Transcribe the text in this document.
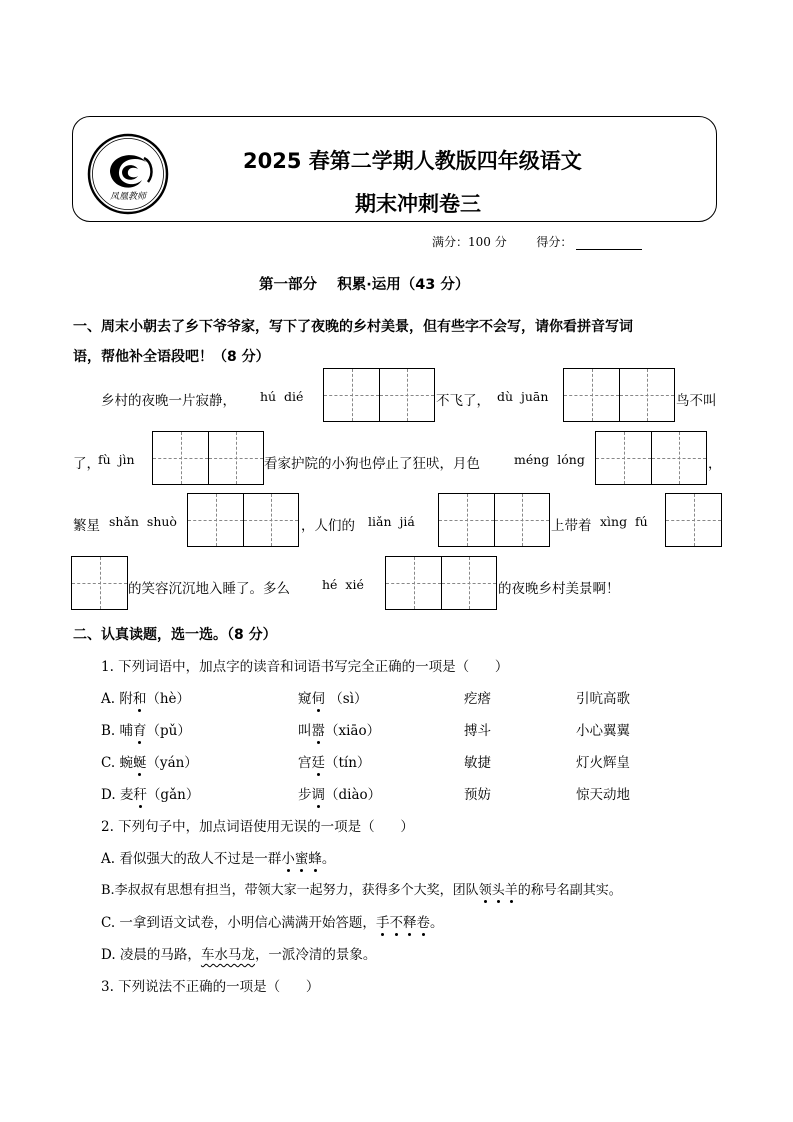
凤凰教师
2025 春第二学期人教版四年级语文
期末冲刺卷三
满分：100 分 得分：
第一部分    积累·运用（43 分）
一、周末小朝去了乡下爷爷家，写下了夜晚的乡村美景，但有些字不会写，请你看拼音写词
语，帮他补全语段吧！（8 分）
乡村的夜晚一片寂静， hú  dié	不飞了， dù  juān	鸟不叫
了，
fù  jìn	看家护院的小狗也停止了狂吠，月色	méng  lóng	，
繁星 shǎn  shuò	，人们的 liǎn  jiá	上带着 xìng  fú
的笑容沉沉地入睡了。多么	hé  xié	的夜晚乡村美景啊！
二、认真读题，选一选。（8 分）
1. 下列词语中，加点字的读音和词语书写完全正确的一项是（      ）
A. 附和（hè）	窥伺 （sì）	疙瘩	引吭高歌
B. 哺育（pǔ）	叫嚣（xiāo）	搏斗	小心翼翼
C. 蜿蜒（yán）	宫廷（tín）	敏捷	灯火辉皇
D. 麦秆（gǎn）	步调（diào）	预妨	惊天动地
2. 下列句子中，加点词语使用无误的一项是（      ）
A. 看似强大的敌人不过是一群小蜜蜂。
B.李叔叔有思想有担当，带领大家一起努力，获得多个大奖，团队领头羊的称号名副其实。
C. 一拿到语文试卷，小明信心满满开始答题，手不释卷。
D. 凌晨的马路，车水马龙，一派冷清的景象。
3. 下列说法不正确的一项是（      ）
